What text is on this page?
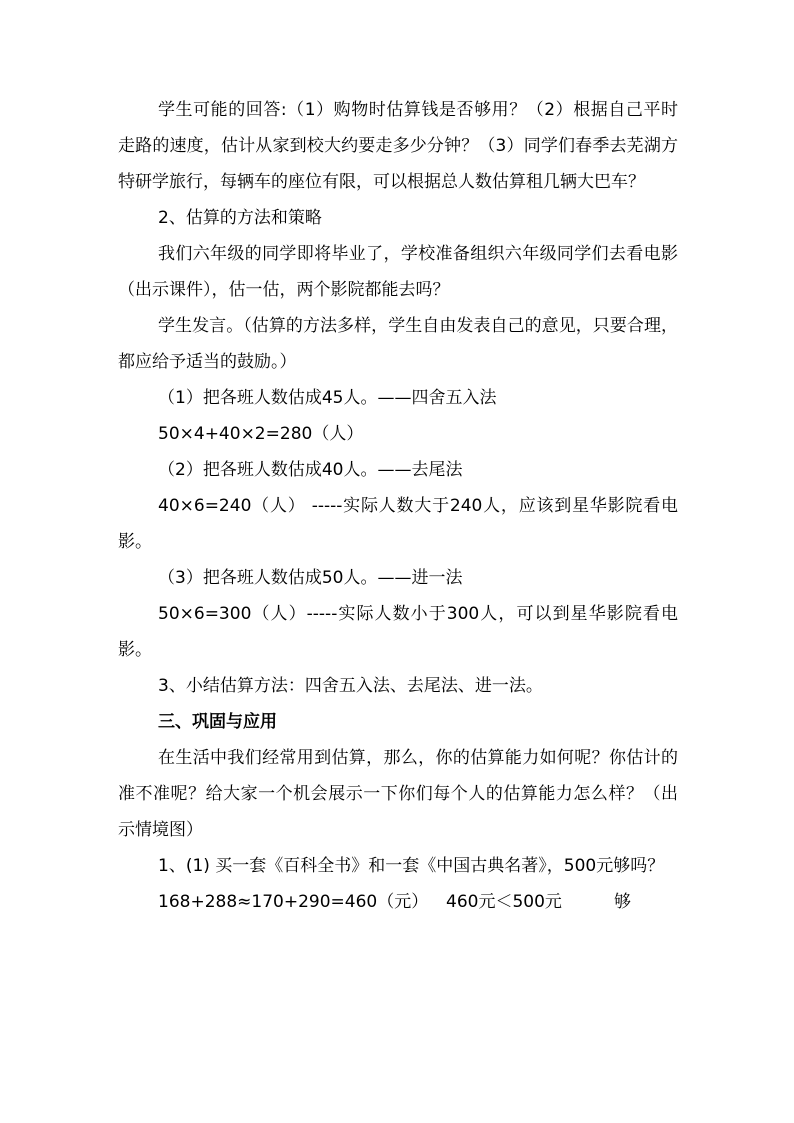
学生可能的回答:（1）购物时估算钱是否够用？（2）根据自己平时走路的速度，估计从家到校大约要走多少分钟？（3）同学们春季去芜湖方特研学旅行，每辆车的座位有限，可以根据总人数估算租几辆大巴车？

2、估算的方法和策略

我们六年级的同学即将毕业了，学校准备组织六年级同学们去看电影（出示课件），估一估，两个影院都能去吗？

学生发言。（估算的方法多样，学生自由发表自己的意见，只要合理，都应给予适当的鼓励。）

（1）把各班人数估成45人。——四舍五入法

50×4+40×2=280（人）

（2）把各班人数估成40人。——去尾法

40×6=240（人） -----实际人数大于240人，应该到星华影院看电影。

（3）把各班人数估成50人。——进一法

50×6=300（人）-----实际人数小于300人，可以到星华影院看电影。

3、小结估算方法：四舍五入法、去尾法、进一法。

三、巩固与应用

在生活中我们经常用到估算，那么，你的估算能力如何呢？你估计的准不准呢？给大家一个机会展示一下你们每个人的估算能力怎么样？（出示情境图）

1、(1) 买一套《百科全书》和一套《中国古典名著》，500元够吗？

168+288≈170+290=460（元） 460元＜500元	够
